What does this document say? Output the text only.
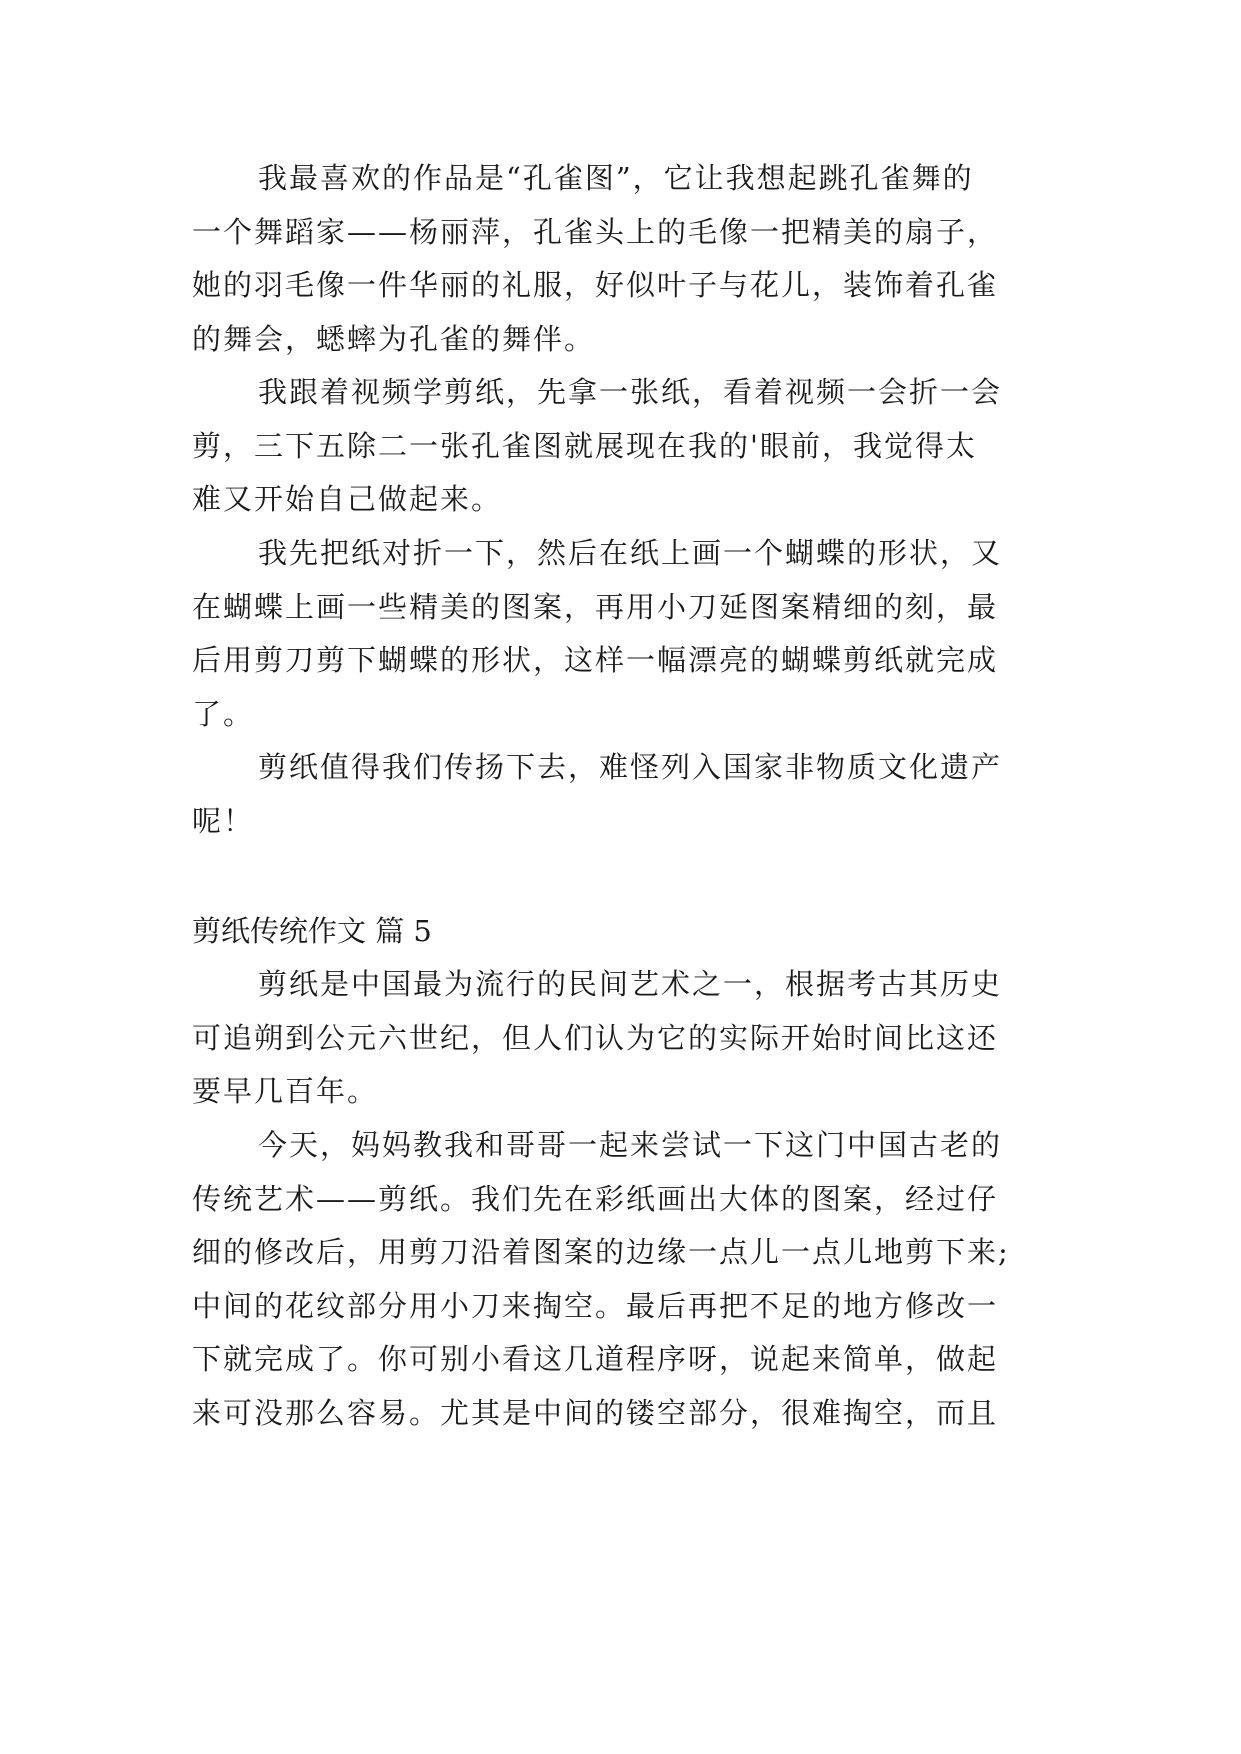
我最喜欢的作品是“孔雀图”，它让我想起跳孔雀舞的
一个舞蹈家——杨丽萍，孔雀头上的毛像一把精美的扇子，
她的羽毛像一件华丽的礼服，好似叶子与花儿，装饰着孔雀
的舞会，蟋蟀为孔雀的舞伴。

我跟着视频学剪纸，先拿一张纸，看着视频一会折一会
剪，三下五除二一张孔雀图就展现在我的'眼前，我觉得太
难又开始自己做起来。

我先把纸对折一下，然后在纸上画一个蝴蝶的形状，又
在蝴蝶上画一些精美的图案，再用小刀延图案精细的刻，最
后用剪刀剪下蝴蝶的形状，这样一幅漂亮的蝴蝶剪纸就完成
了。

剪纸值得我们传扬下去，难怪列入国家非物质文化遗产
呢！

剪纸传统作文 篇 5

剪纸是中国最为流行的民间艺术之一，根据考古其历史
可追朔到公元六世纪，但人们认为它的实际开始时间比这还
要早几百年。

今天，妈妈教我和哥哥一起来尝试一下这门中国古老的
传统艺术——剪纸。我们先在彩纸画出大体的图案，经过仔
细的修改后，用剪刀沿着图案的边缘一点儿一点儿地剪下来;
中间的花纹部分用小刀来掏空。最后再把不足的地方修改一
下就完成了。你可别小看这几道程序呀，说起来简单，做起
来可没那么容易。尤其是中间的镂空部分，很难掏空，而且
